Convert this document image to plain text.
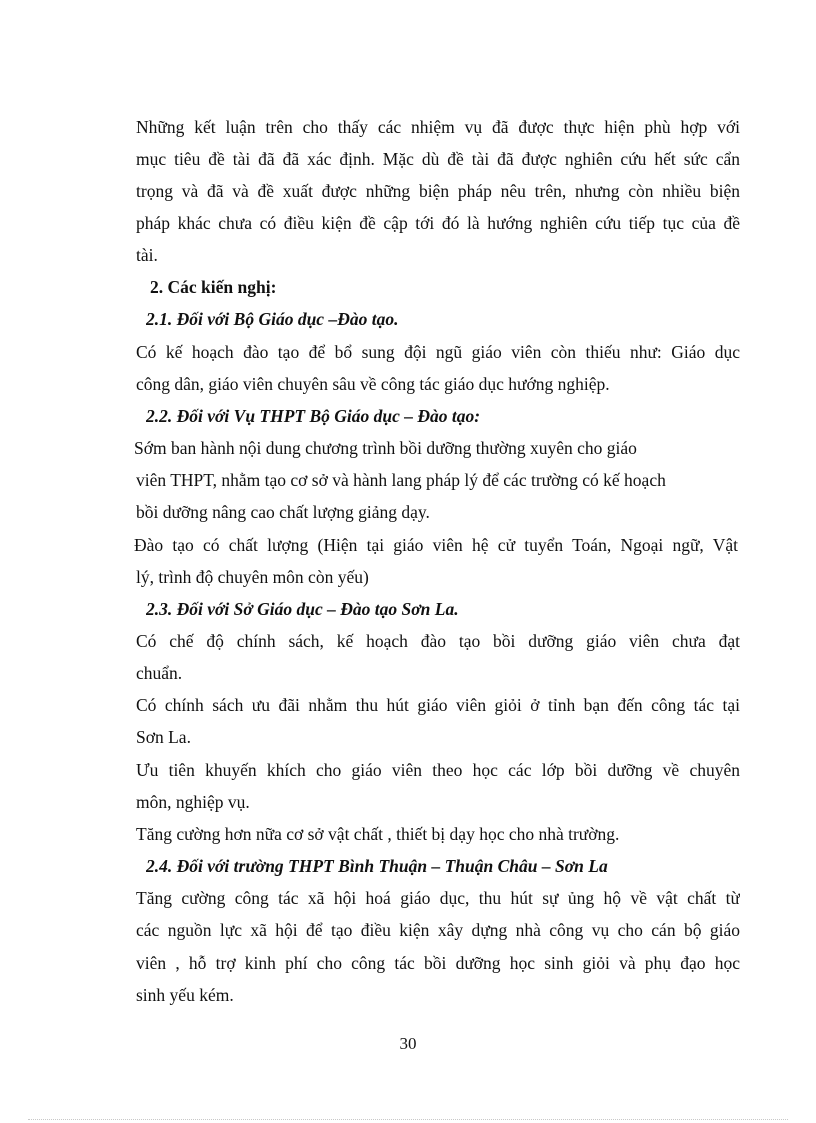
Những kết luận trên cho thấy các nhiệm vụ đã được thực hiện phù hợp với
mục tiêu đề tài đã đã xác định. Mặc dù đề tài đã được nghiên cứu hết sức cẩn
trọng và đã và đề xuất được những biện pháp nêu trên, nhưng còn nhiều biện
pháp khác chưa có điều kiện đề cập tới đó là hướng nghiên cứu tiếp tục của đề
tài.
2. Các kiến nghị:
2.1. Đối với Bộ Giáo dục –Đào tạo.
Có kế hoạch đào tạo để bổ sung đội ngũ giáo viên còn thiếu như: Giáo dục
công dân, giáo viên chuyên sâu về công tác giáo dục hướng nghiệp.
2.2. Đối với Vụ THPT Bộ Giáo dục – Đào tạo:
Sớm ban hành nội dung chương trình bồi dưỡng thường xuyên cho giáo
viên THPT, nhằm tạo cơ sở và hành lang pháp lý để các trường có kế hoạch
bồi dưỡng nâng cao chất lượng giảng dạy.
Đào tạo có chất lượng (Hiện tại giáo viên hệ cử tuyển Toán, Ngoại ngữ, Vật
lý, trình độ chuyên môn còn yếu)
2.3. Đối với Sở Giáo dục – Đào tạo Sơn La.
Có chế độ chính sách, kế hoạch đào tạo bồi dưỡng giáo viên chưa đạt
chuẩn.
Có chính sách ưu đãi nhằm thu hút giáo viên giỏi ở tỉnh bạn đến công tác tại
Sơn La.
Ưu tiên khuyến khích cho giáo viên theo học các lớp bồi dưỡng về chuyên
môn, nghiệp vụ.
Tăng cường hơn nữa cơ sở vật chất , thiết bị dạy học cho nhà trường.
2.4. Đối với trường THPT Bình Thuận – Thuận Châu – Sơn La
Tăng cường công tác xã hội hoá giáo dục, thu hút sự ủng hộ về vật chất từ
các nguồn lực xã hội để tạo điều kiện xây dựng nhà công vụ cho cán bộ giáo
viên , hỗ trợ kinh phí cho công tác bồi dưỡng học sinh giỏi và phụ đạo học
sinh yếu kém.
30
